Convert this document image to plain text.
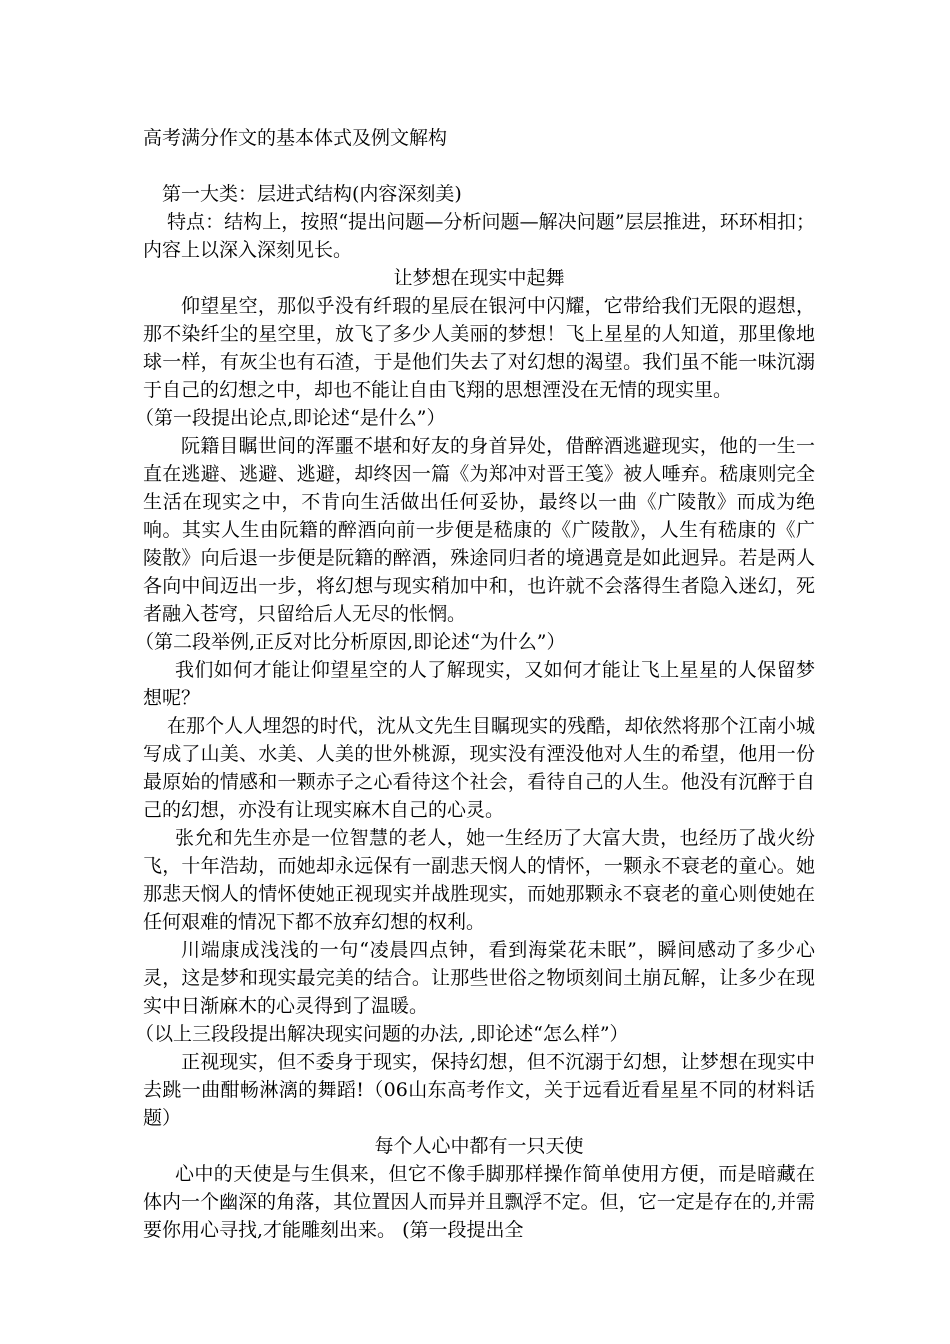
高考满分作文的基本体式及例文解构

第一大类：层进式结构(内容深刻美)

特点：结构上，按照“提出问题—分析问题—解决问题”层层推进，环环相扣；内容上以深入深刻见长。

让梦想在现实中起舞

仰望星空，那似乎没有纤瑕的星辰在银河中闪耀，它带给我们无限的遐想，那不染纤尘的星空里，放飞了多少人美丽的梦想！飞上星星的人知道，那里像地球一样，有灰尘也有石渣，于是他们失去了对幻想的渴望。我们虽不能一味沉溺于自己的幻想之中，却也不能让自由飞翔的思想湮没在无情的现实里。

（第一段提出论点,即论述“是什么”）

阮籍目瞩世间的浑噩不堪和好友的身首异处，借醉酒逃避现实，他的一生一直在逃避、逃避、逃避，却终因一篇《为郑冲对晋王笺》被人唾弃。嵇康则完全生活在现实之中，不肯向生活做出任何妥协，最终以一曲《广陵散》而成为绝响。其实人生由阮籍的醉酒向前一步便是嵇康的《广陵散》，人生有嵇康的《广陵散》向后退一步便是阮籍的醉酒，殊途同归者的境遇竟是如此迥异。若是两人各向中间迈出一步，将幻想与现实稍加中和，也许就不会落得生者隐入迷幻，死者融入苍穹，只留给后人无尽的怅惘。

（第二段举例,正反对比分析原因,即论述“为什么”）

我们如何才能让仰望星空的人了解现实，又如何才能让飞上星星的人保留梦想呢？

在那个人人埋怨的时代，沈从文先生目瞩现实的残酷，却依然将那个江南小城写成了山美、水美、人美的世外桃源，现实没有湮没他对人生的希望，他用一份最原始的情感和一颗赤子之心看待这个社会，看待自己的人生。他没有沉醉于自己的幻想，亦没有让现实麻木自己的心灵。

张允和先生亦是一位智慧的老人，她一生经历了大富大贵，也经历了战火纷飞，十年浩劫，而她却永远保有一副悲天悯人的情怀，一颗永不衰老的童心。她那悲天悯人的情怀使她正视现实并战胜现实，而她那颗永不衰老的童心则使她在任何艰难的情况下都不放弃幻想的权利。

川端康成浅浅的一句“凌晨四点钟，看到海棠花未眠”，瞬间感动了多少心灵，这是梦和现实最完美的结合。让那些世俗之物顷刻间土崩瓦解，让多少在现实中日渐麻木的心灵得到了温暖。

（以上三段段提出解决现实问题的办法, ,即论述“怎么样”）

正视现实，但不委身于现实，保持幻想，但不沉溺于幻想，让梦想在现实中去跳一曲酣畅淋漓的舞蹈!（06山东高考作文，关于远看近看星星不同的材料话题）

每个人心中都有一只天使

心中的天使是与生俱来，但它不像手脚那样操作简单使用方便，而是暗藏在体内一个幽深的角落，其位置因人而异并且飘浮不定。但，它一定是存在的,并需要你用心寻找,才能雕刻出来。 (第一段提出全
